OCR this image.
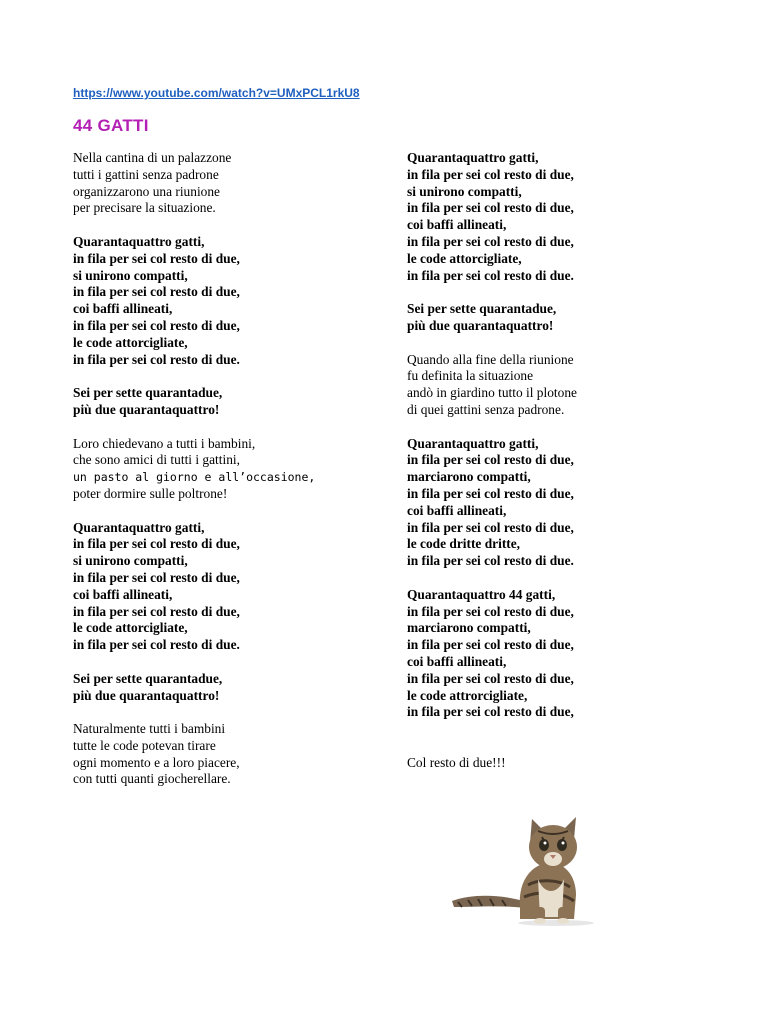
https://www.youtube.com/watch?v=UMxPCL1rkU8
44 GATTI
Nella cantina di un palazzone
tutti i gattini senza padrone
organizzarono una riunione
per precisare la situazione.
Quarantaquattro gatti,
in fila per sei col resto di due,
si unirono compatti,
in fila per sei col resto di due,
coi baffi allineati,
in fila per sei col resto di due,
le code attorcigliate,
in fila per sei col resto di due.
Sei per sette quarantadue,
più due quarantaquattro!
Loro chiedevano a tutti i bambini,
che sono amici di tutti i gattini,
un pasto al giorno e all’occasione,
poter dormire sulle poltrone!
Quarantaquattro gatti,
in fila per sei col resto di due,
si unirono compatti,
in fila per sei col resto di due,
coi baffi allineati,
in fila per sei col resto di due,
le code attorcigliate,
in fila per sei col resto di due.
Sei per sette quarantadue,
più due quarantaquattro!
Naturalmente tutti i bambini
tutte le code potevan tirare
ogni momento e a loro piacere,
con tutti quanti giocherellare.
Quarantaquattro gatti,
in fila per sei col resto di due,
si unirono compatti,
in fila per sei col resto di due,
coi baffi allineati,
in fila per sei col resto di due,
le code attorcigliate,
in fila per sei col resto di due.
Sei per sette quarantadue,
più due quarantaquattro!
Quando alla fine della riunione
fu definita la situazione
andò in giardino tutto il plotone
di quei gattini senza padrone.
Quarantaquattro gatti,
in fila per sei col resto di due,
marciarono compatti,
in fila per sei col resto di due,
coi baffi allineati,
in fila per sei col resto di due,
le code dritte dritte,
in fila per sei col resto di due.
Quarantaquattro 44 gatti,
in fila per sei col resto di due,
marciarono compatti,
in fila per sei col resto di due,
coi baffi allineati,
in fila per sei col resto di due,
le code attrorcigliate,
in fila per sei col resto di due,
Col resto di due!!!
